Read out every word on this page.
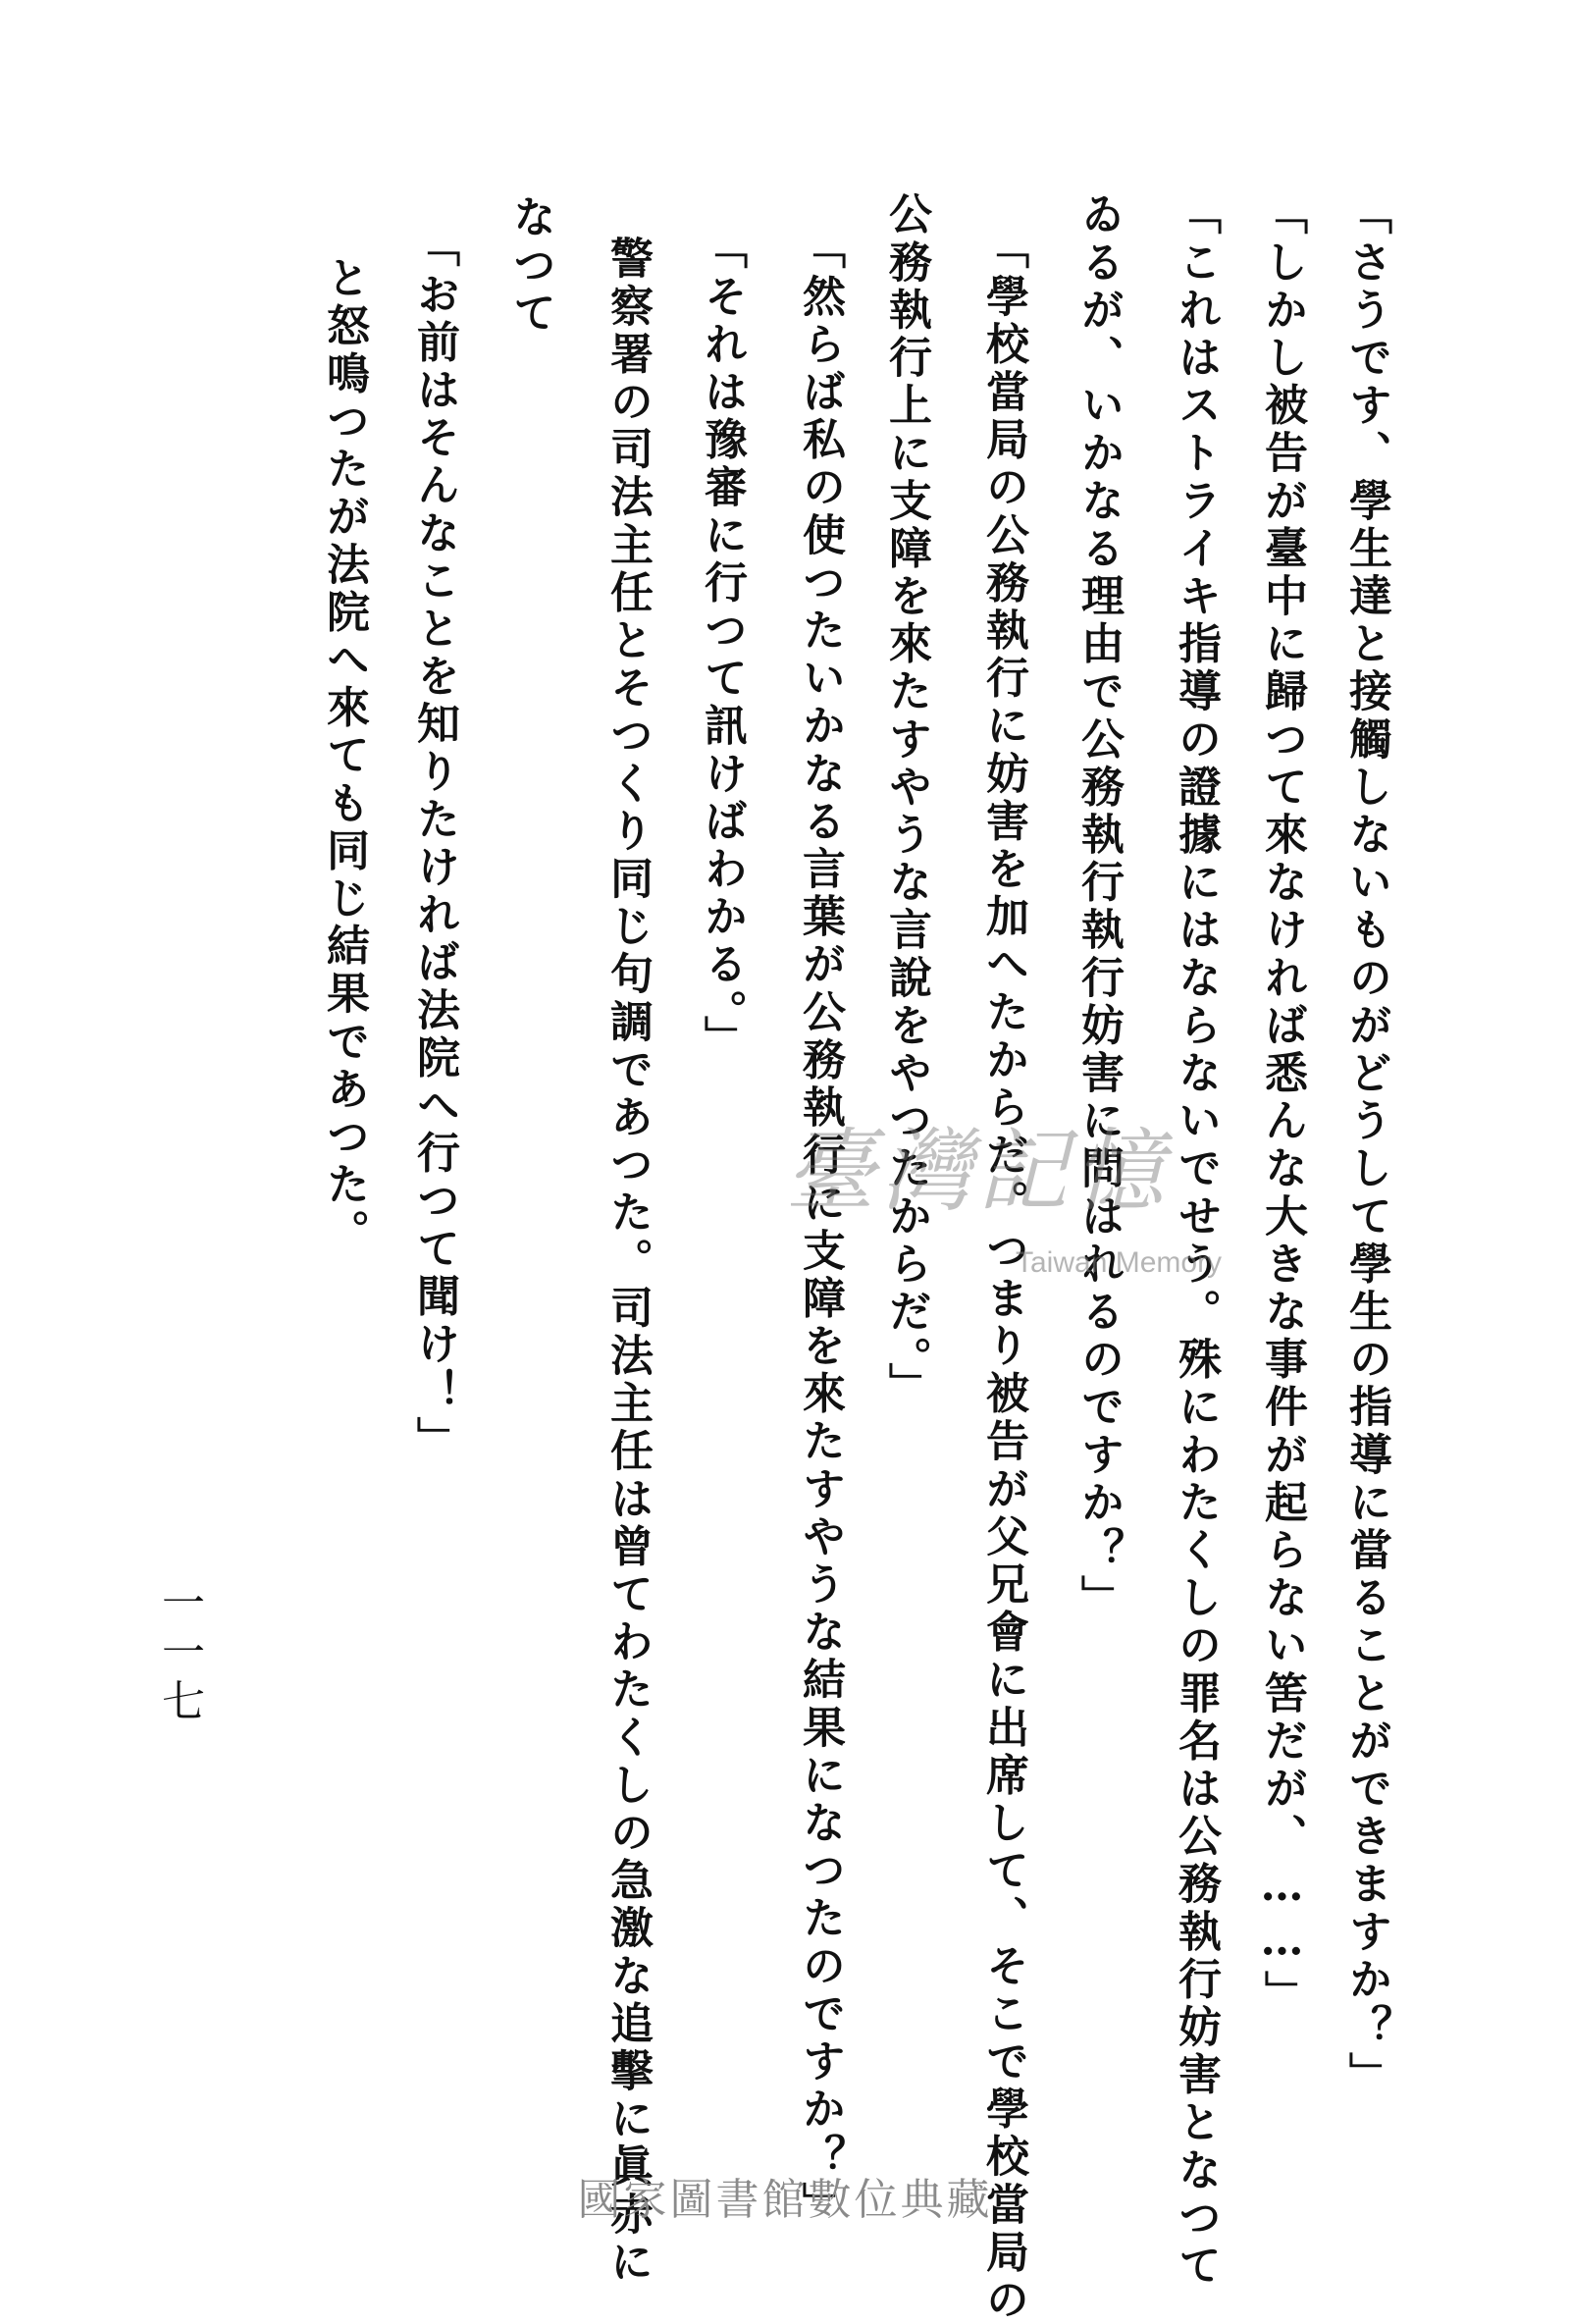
「さうです、學生達と接觸しないものがどうして學生の指導に當ることができますか？」
「しかし被告が臺中に歸つて來なければ悉んな大きな事件が起らない筈だが、……」
「これはストライキ指導の證據にはならないでせう。殊にわたくしの罪名は公務執行妨害となつて
ゐるが、いかなる理由で公務執行執行妨害に問はれるのですか？」
「學校當局の公務執行に妨害を加へたからだ。つまり被告が父兄會に出席して、そこで學校當局の
公務執行上に支障を來たすやうな言說をやつたからだ。」
「然らば私の使つたいかなる言葉が公務執行に支障を來たすやうな結果になつたのですか？」
「それは豫審に行つて訊けばわかる。」
警察署の司法主任とそつくり同じ句調であつた。司法主任は曾てわたくしの急激な追擊に眞赤に
なつて
「お前はそんなことを知りたければ法院へ行つて聞け！」
と怒鳴つたが法院へ來ても同じ結果であつた。
一一七
臺灣記憶
Taiwan Memory
國家圖書館數位典藏
